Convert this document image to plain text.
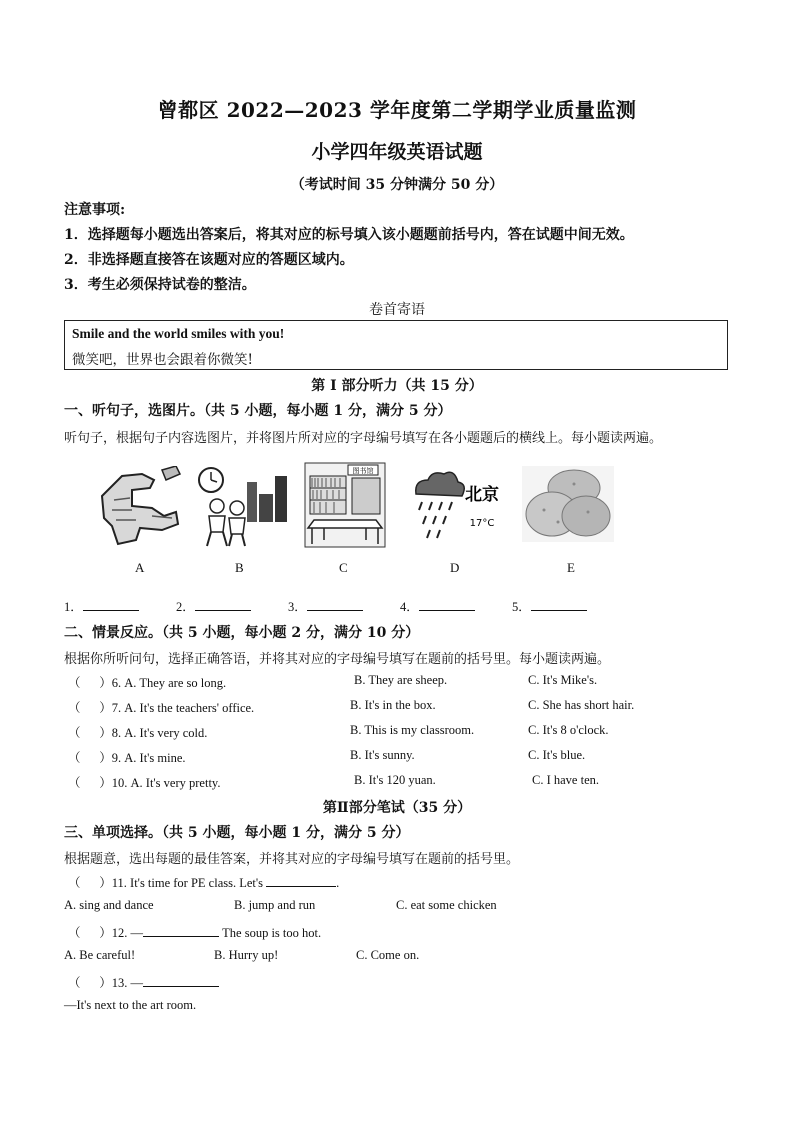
曾都区 2022—2023 学年度第二学期学业质量监测
小学四年级英语试题
（考试时间 35 分钟满分 50 分）
注意事项:
1．选择题每小题选出答案后，将其对应的标号填入该小题题前括号内，答在试题中间无效。
2．非选择题直接答在该题对应的答题区域内。
3．考生必须保持试卷的整洁。
卷首寄语
Smile and the world smiles with you!
微笑吧，世界也会跟着你微笑!
第 I 部分听力（共 15 分）
一、听句子，选图片。（共 5 小题，每小题 1 分，满分 5 分）
听句子，根据句子内容选图片，并将图片所对应的字母编号填写在各小题题后的横线上。每小题读两遍。
图书馆
北京
17°C
A	B	C	D	E
1．	2．	3．	4．	5．
二、情景反应。（共 5 小题，每小题 2 分，满分 10 分）
根据你所听问句，选择正确答语，并将其对应的字母编号填写在题前的括号里。每小题读两遍。
（      ）6. A. They are so long.	B. They are sheep.	C. It's Mike's.
（      ）7. A. It's the teachers' office.	B. It's in the box.	C. She has short hair.
（      ）8. A. It's very cold.	B. This is my classroom.	C. It's 8 o'clock.
（      ）9. A. It's mine.	B. It's sunny.	C. It's blue.
（      ）10. A. It's very pretty.	B. It's 120 yuan.	C. I have ten.
第Ⅱ部分笔试（35 分）
三、单项选择。（共 5 小题，每小题 1 分，满分 5 分）
根据题意，选出每题的最佳答案，并将其对应的字母编号填写在题前的括号里。
（      ）11. It's time for PE class. Let's	.
A. sing and dance	B. jump and run	C. eat some chicken
（      ）12. —	The soup is too hot.
A. Be careful!	B. Hurry up!	C. Come on.
（      ）13. —
—It's next to the art room.
